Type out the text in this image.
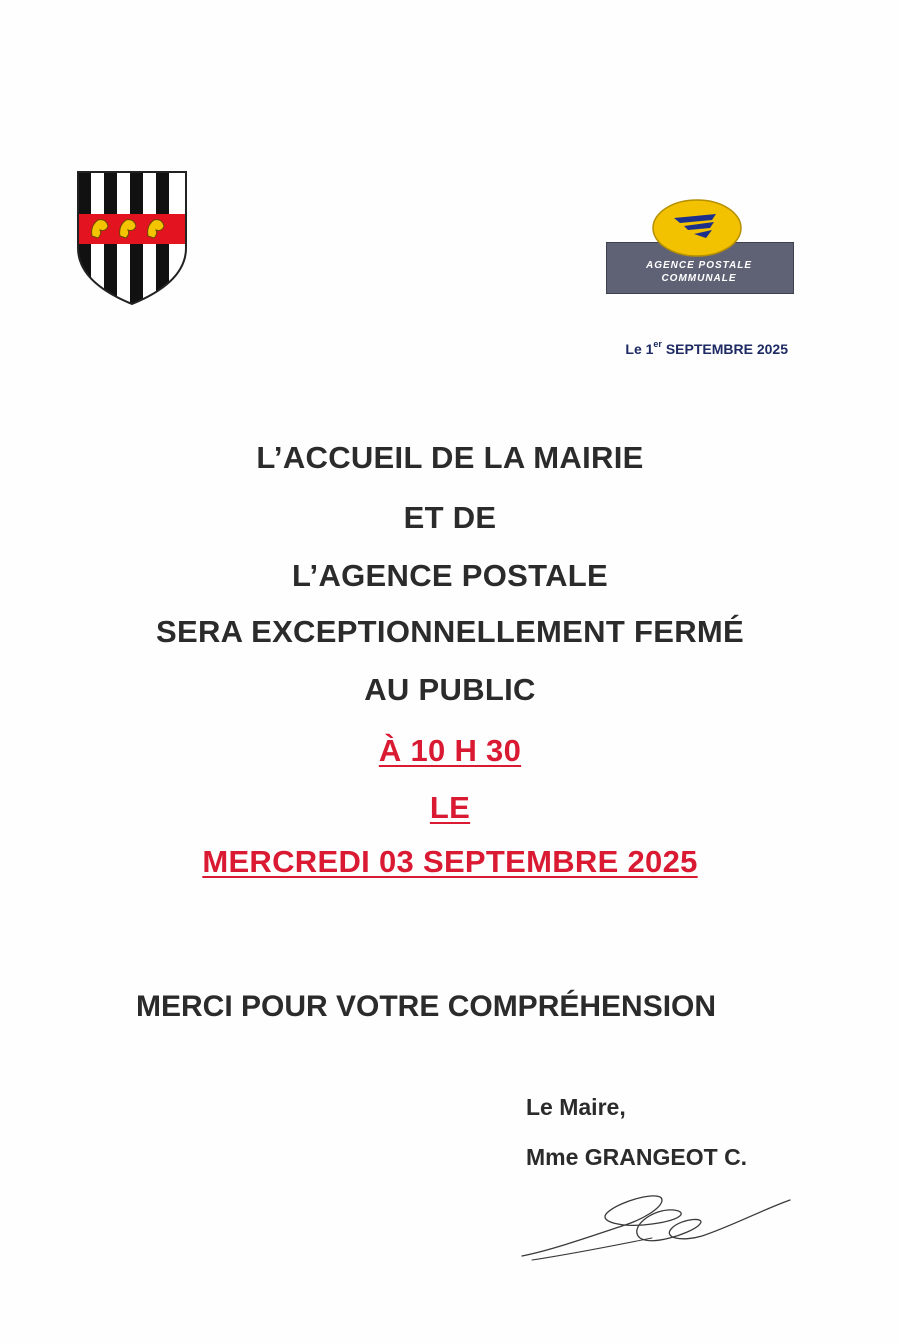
AGENCE POSTALE
COMMUNALE
Le 1er SEPTEMBRE 2025
L’ACCUEIL DE LA MAIRIE
ET DE
L’AGENCE POSTALE
SERA EXCEPTIONNELLEMENT FERMÉ
AU PUBLIC
À 10 H 30
LE
MERCREDI 03 SEPTEMBRE 2025
MERCI POUR VOTRE COMPRÉHENSION
Le Maire,
Mme GRANGEOT C.
